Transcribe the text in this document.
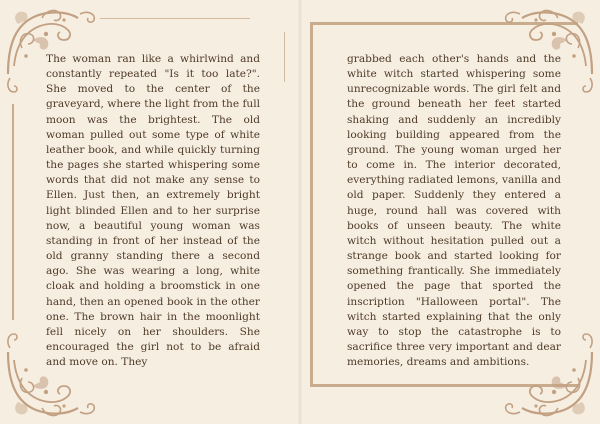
The woman ran like a whirlwind and constantly repeated "Is it too late?". She moved to the center of the graveyard, where the light from the full moon was the brightest. The old woman pulled out some type of white leather book, and while quickly turning the pages she started whispering some words that did not make any sense to Ellen. Just then, an extremely bright light blinded Ellen and to her surprise now, a beautiful young woman was standing in front of her instead of the old granny standing there a second ago. She was wearing a long, white cloak and holding a broomstick in one hand, then an opened book in the other one. The brown hair in the moonlight fell nicely on her shoulders. She encouraged the girl not to be afraid and move on. They

grabbed each other's hands and the white witch started whispering some unrecognizable words. The girl felt and the ground beneath her feet started shaking and suddenly an incredibly looking building appeared from the ground. The young woman urged her to come in. The interior decorated, everything radiated lemons, vanilla and old paper. Suddenly they entered a huge, round hall was covered with books of unseen beauty. The white witch without hesitation pulled out a strange book and started looking for something frantically. She immediately opened the page that sported the inscription "Halloween portal". The witch started explaining that the only way to stop the catastrophe is to sacrifice three very important and dear memories, dreams and ambitions.
